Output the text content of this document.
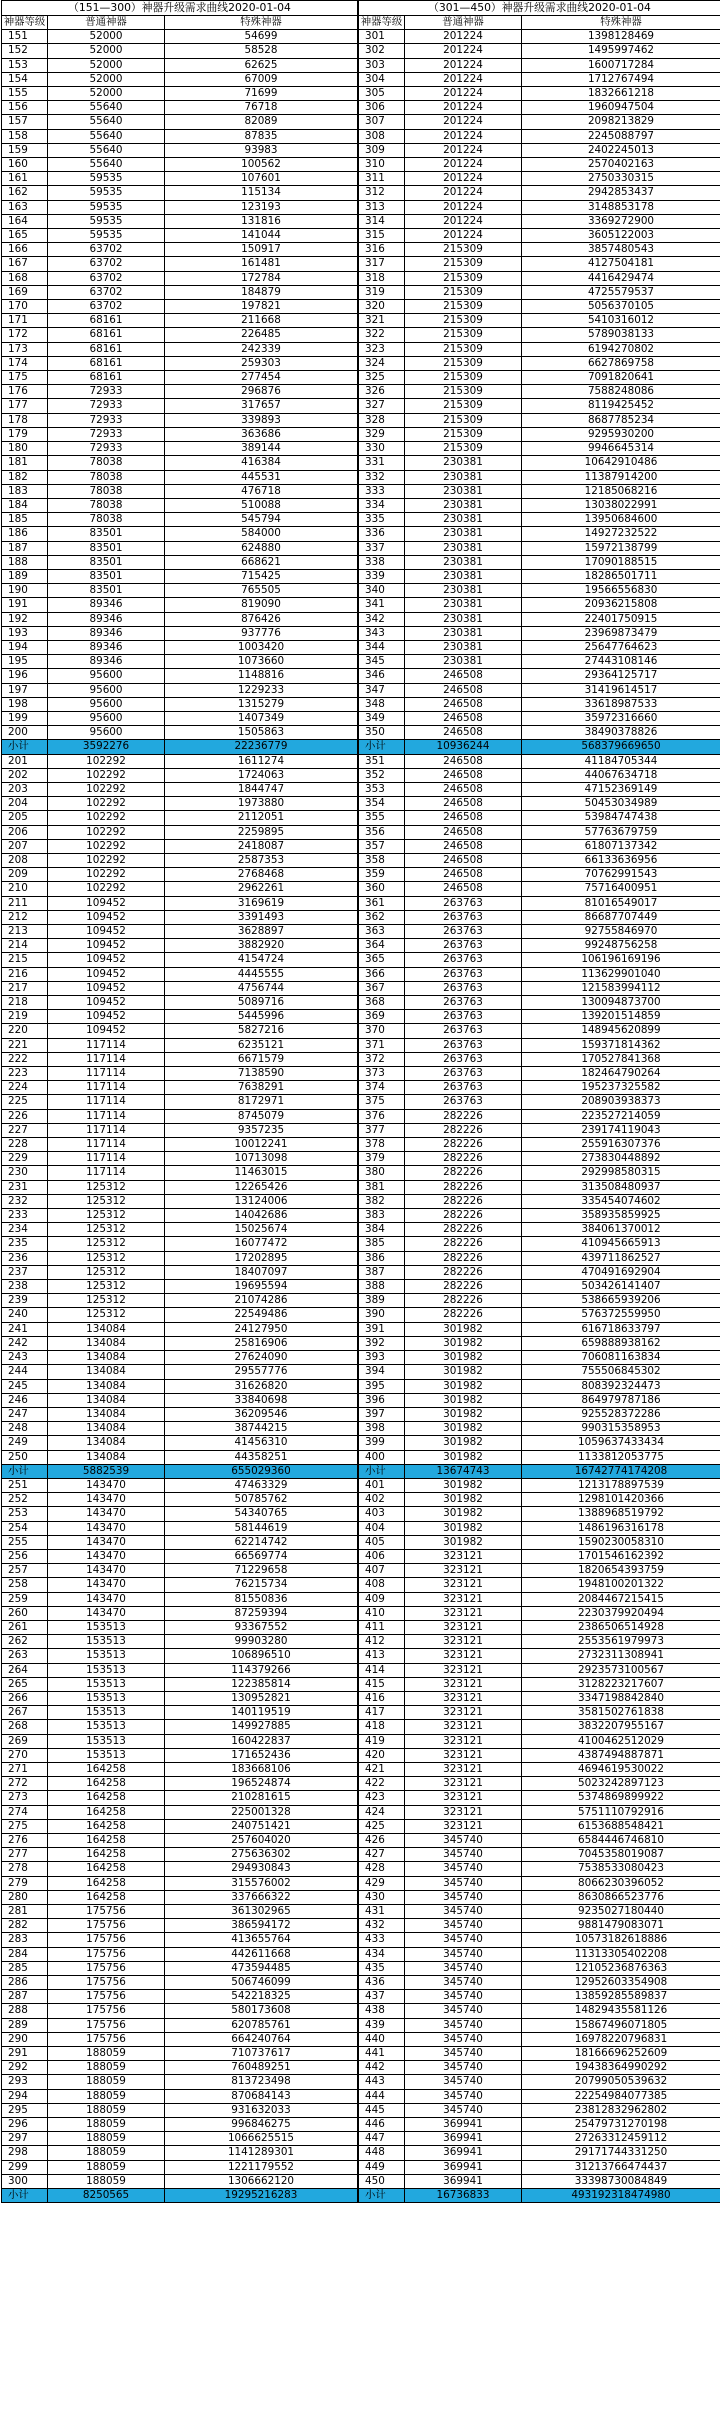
（151—300）神器升级需求曲线2020-01-04		
神器等级	普通神器	特殊神器
151	52000	54699
152	52000	58528
153	52000	62625
154	52000	67009
155	52000	71699
156	55640	76718
157	55640	82089
158	55640	87835
159	55640	93983
160	55640	100562
161	59535	107601
162	59535	115134
163	59535	123193
164	59535	131816
165	59535	141044
166	63702	150917
167	63702	161481
168	63702	172784
169	63702	184879
170	63702	197821
171	68161	211668
172	68161	226485
173	68161	242339
174	68161	259303
175	68161	277454
176	72933	296876
177	72933	317657
178	72933	339893
179	72933	363686
180	72933	389144
181	78038	416384
182	78038	445531
183	78038	476718
184	78038	510088
185	78038	545794
186	83501	584000
187	83501	624880
188	83501	668621
189	83501	715425
190	83501	765505
191	89346	819090
192	89346	876426
193	89346	937776
194	89346	1003420
195	89346	1073660
196	95600	1148816
197	95600	1229233
198	95600	1315279
199	95600	1407349
200	95600	1505863
小计	3592276	22236779
201	102292	1611274
202	102292	1724063
203	102292	1844747
204	102292	1973880
205	102292	2112051
206	102292	2259895
207	102292	2418087
208	102292	2587353
209	102292	2768468
210	102292	2962261
211	109452	3169619
212	109452	3391493
213	109452	3628897
214	109452	3882920
215	109452	4154724
216	109452	4445555
217	109452	4756744
218	109452	5089716
219	109452	5445996
220	109452	5827216
221	117114	6235121
222	117114	6671579
223	117114	7138590
224	117114	7638291
225	117114	8172971
226	117114	8745079
227	117114	9357235
228	117114	10012241
229	117114	10713098
230	117114	11463015
231	125312	12265426
232	125312	13124006
233	125312	14042686
234	125312	15025674
235	125312	16077472
236	125312	17202895
237	125312	18407097
238	125312	19695594
239	125312	21074286
240	125312	22549486
241	134084	24127950
242	134084	25816906
243	134084	27624090
244	134084	29557776
245	134084	31626820
246	134084	33840698
247	134084	36209546
248	134084	38744215
249	134084	41456310
250	134084	44358251
小计	5882539	655029360
251	143470	47463329
252	143470	50785762
253	143470	54340765
254	143470	58144619
255	143470	62214742
256	143470	66569774
257	143470	71229658
258	143470	76215734
259	143470	81550836
260	143470	87259394
261	153513	93367552
262	153513	99903280
263	153513	106896510
264	153513	114379266
265	153513	122385814
266	153513	130952821
267	153513	140119519
268	153513	149927885
269	153513	160422837
270	153513	171652436
271	164258	183668106
272	164258	196524874
273	164258	210281615
274	164258	225001328
275	164258	240751421
276	164258	257604020
277	164258	275636302
278	164258	294930843
279	164258	315576002
280	164258	337666322
281	175756	361302965
282	175756	386594172
283	175756	413655764
284	175756	442611668
285	175756	473594485
286	175756	506746099
287	175756	542218325
288	175756	580173608
289	175756	620785761
290	175756	664240764
291	188059	710737617
292	188059	760489251
293	188059	813723498
294	188059	870684143
295	188059	931632033
296	188059	996846275
297	188059	1066625515
298	188059	1141289301
299	188059	1221179552
300	188059	1306662120
小计	8250565	19295216283
（301—450）神器升级需求曲线2020-01-04		
神器等级	普通神器	特殊神器
301	201224	1398128469
302	201224	1495997462
303	201224	1600717284
304	201224	1712767494
305	201224	1832661218
306	201224	1960947504
307	201224	2098213829
308	201224	2245088797
309	201224	2402245013
310	201224	2570402163
311	201224	2750330315
312	201224	2942853437
313	201224	3148853178
314	201224	3369272900
315	201224	3605122003
316	215309	3857480543
317	215309	4127504181
318	215309	4416429474
319	215309	4725579537
320	215309	5056370105
321	215309	5410316012
322	215309	5789038133
323	215309	6194270802
324	215309	6627869758
325	215309	7091820641
326	215309	7588248086
327	215309	8119425452
328	215309	8687785234
329	215309	9295930200
330	215309	9946645314
331	230381	10642910486
332	230381	11387914200
333	230381	12185068216
334	230381	13038022991
335	230381	13950684600
336	230381	14927232522
337	230381	15972138799
338	230381	17090188515
339	230381	18286501711
340	230381	19566556830
341	230381	20936215808
342	230381	22401750915
343	230381	23969873479
344	230381	25647764623
345	230381	27443108146
346	246508	29364125717
347	246508	31419614517
348	246508	33618987533
349	246508	35972316660
350	246508	38490378826
小计	10936244	568379669650
351	246508	41184705344
352	246508	44067634718
353	246508	47152369149
354	246508	50453034989
355	246508	53984747438
356	246508	57763679759
357	246508	61807137342
358	246508	66133636956
359	246508	70762991543
360	246508	75716400951
361	263763	81016549017
362	263763	86687707449
363	263763	92755846970
364	263763	99248756258
365	263763	106196169196
366	263763	113629901040
367	263763	121583994112
368	263763	130094873700
369	263763	139201514859
370	263763	148945620899
371	263763	159371814362
372	263763	170527841368
373	263763	182464790264
374	263763	195237325582
375	263763	208903938373
376	282226	223527214059
377	282226	239174119043
378	282226	255916307376
379	282226	273830448892
380	282226	292998580315
381	282226	313508480937
382	282226	335454074602
383	282226	358935859925
384	282226	384061370012
385	282226	410945665913
386	282226	439711862527
387	282226	470491692904
388	282226	503426141407
389	282226	538665939206
390	282226	576372559950
391	301982	616718633797
392	301982	659888938162
393	301982	706081163834
394	301982	755506845302
395	301982	808392324473
396	301982	864979787186
397	301982	925528372286
398	301982	990315358953
399	301982	1059637433434
400	301982	1133812053775
小计	13674743	16742774174208
401	301982	1213178897539
402	301982	1298101420366
403	301982	1388968519792
404	301982	1486196316178
405	301982	1590230058310
406	323121	1701546162392
407	323121	1820654393759
408	323121	1948100201322
409	323121	2084467215415
410	323121	2230379920494
411	323121	2386506514928
412	323121	2553561979973
413	323121	2732311308941
414	323121	2923573100567
415	323121	3128223217607
416	323121	3347198842840
417	323121	3581502761838
418	323121	3832207955167
419	323121	4100462512029
420	323121	4387494887871
421	323121	4694619530022
422	323121	5023242897123
423	323121	5374869899922
424	323121	5751110792916
425	323121	6153688548421
426	345740	6584446746810
427	345740	7045358019087
428	345740	7538533080423
429	345740	8066230396052
430	345740	8630866523776
431	345740	9235027180440
432	345740	9881479083071
433	345740	10573182618886
434	345740	11313305402208
435	345740	12105236876363
436	345740	12952603354908
437	345740	13859285589837
438	345740	14829435581126
439	345740	15867496071805
440	345740	16978220796831
441	345740	18166696252609
442	345740	19438364990292
443	345740	20799050539632
444	345740	22254984077385
445	345740	23812832962802
446	369941	25479731270198
447	369941	27263312459112
448	369941	29171744331250
449	369941	31213766474437
450	369941	33398730084849
小计	16736833	493192318474980
